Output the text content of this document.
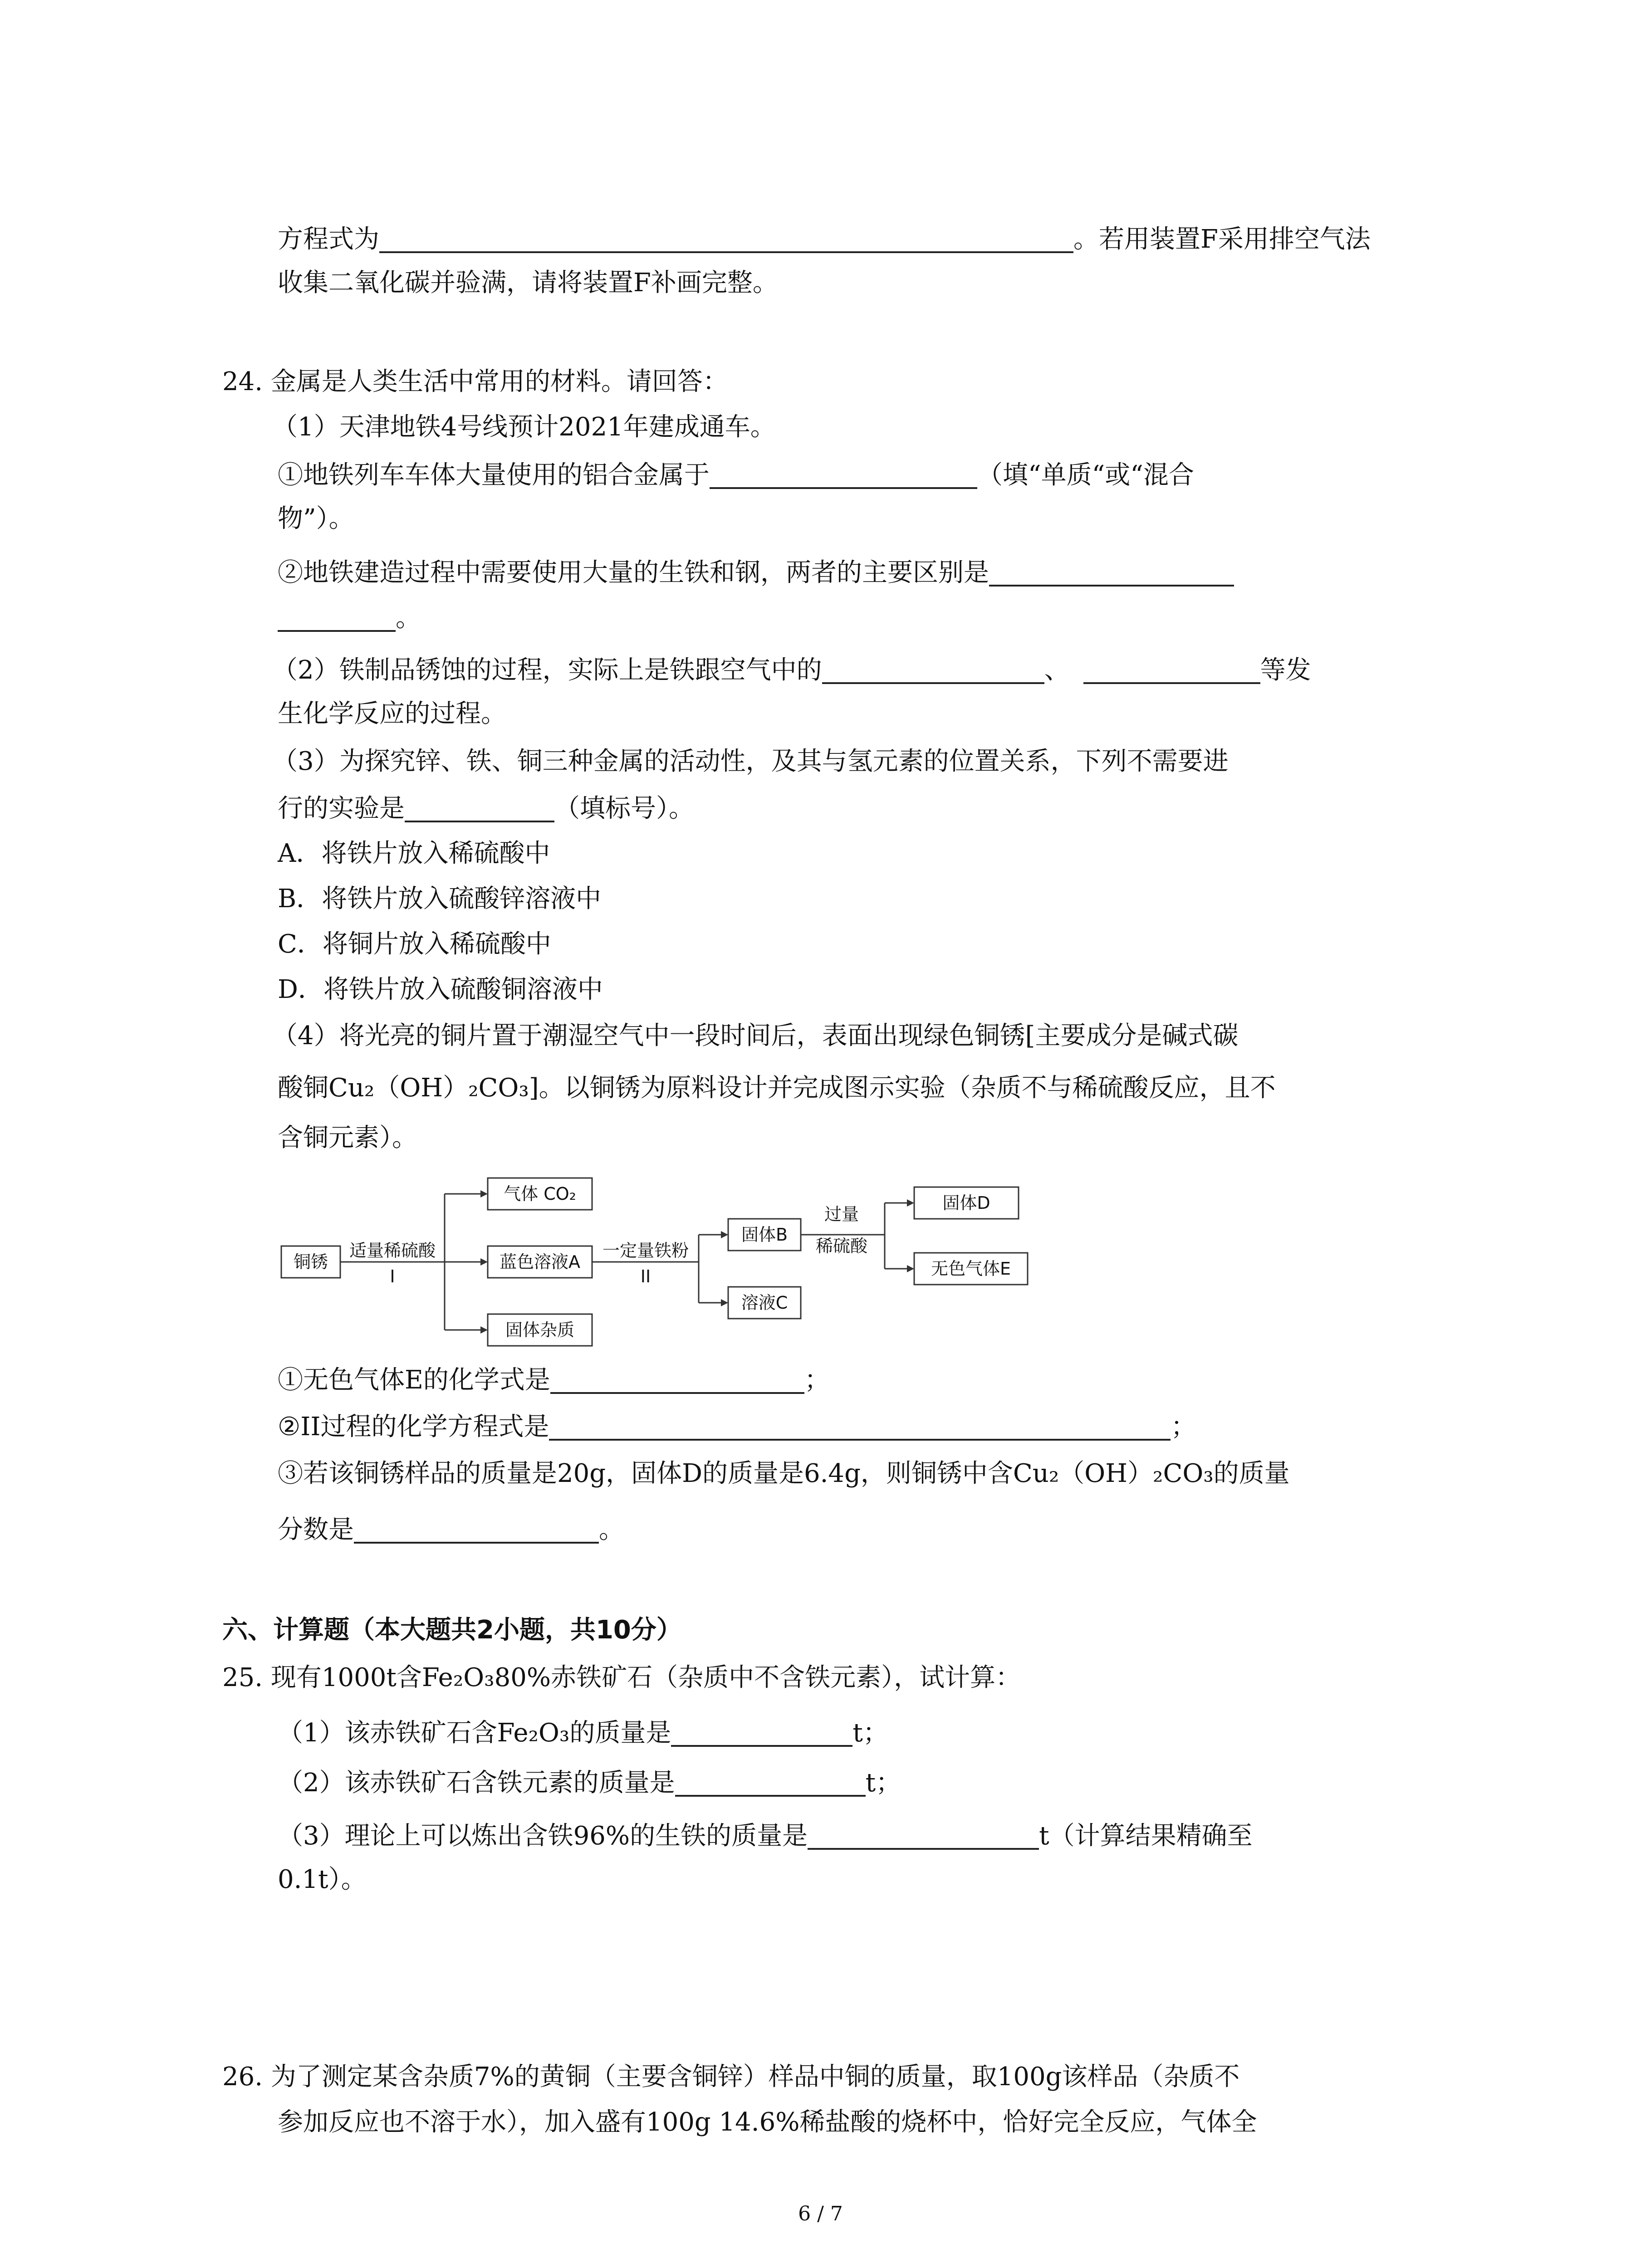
方程式为	。若用装置F采用排空气法
收集二氧化碳并验满，请将装置F补画完整。
24. 金属是人类生活中常用的材料。请回答：
（1）天津地铁4号线预计2021年建成通车。
①地铁列车车体大量使用的铝合金属于	（填“单质“或“混合
物”）。
②地铁建造过程中需要使用大量的生铁和钢，两者的主要区别是
。
（2）铁制品锈蚀的过程，实际上是铁跟空气中的	、	等发
生化学反应的过程。
（3）为探究锌、铁、铜三种金属的活动性，及其与氢元素的位置关系，下列不需要进
行的实验是	（填标号）。
A．将铁片放入稀硫酸中
B．将铁片放入硫酸锌溶液中
C．将铜片放入稀硫酸中
D．将铁片放入硫酸铜溶液中
（4）将光亮的铜片置于潮湿空气中一段时间后，表面出现绿色铜锈[主要成分是碱式碳
酸铜Cu₂（OH）₂CO₃]。以铜锈为原料设计并完成图示实验（杂质不与稀硫酸反应，且不
含铜元素）。
铜锈
气体 CO₂
蓝色溶液A
固体杂质
固体B
溶液C
固体D
无色气体E
适量稀硫酸
I
一定量铁粉
II
过量
稀硫酸
①无色气体E的化学式是	；
②II过程的化学方程式是	；
③若该铜锈样品的质量是20g，固体D的质量是6.4g，则铜锈中含Cu₂（OH）₂CO₃的质量
分数是	。
六、计算题（本大题共2小题，共10分）
25. 现有1000t含Fe₂O₃80%赤铁矿石（杂质中不含铁元素），试计算：
（1）该赤铁矿石含Fe₂O₃的质量是	t；
（2）该赤铁矿石含铁元素的质量是	t；
（3）理论上可以炼出含铁96%的生铁的质量是	t（计算结果精确至
0.1t）。
26. 为了测定某含杂质7%的黄铜（主要含铜锌）样品中铜的质量，取100g该样品（杂质不
参加反应也不溶于水），加入盛有100g 14.6%稀盐酸的烧杯中，恰好完全反应，气体全
6 / 7
